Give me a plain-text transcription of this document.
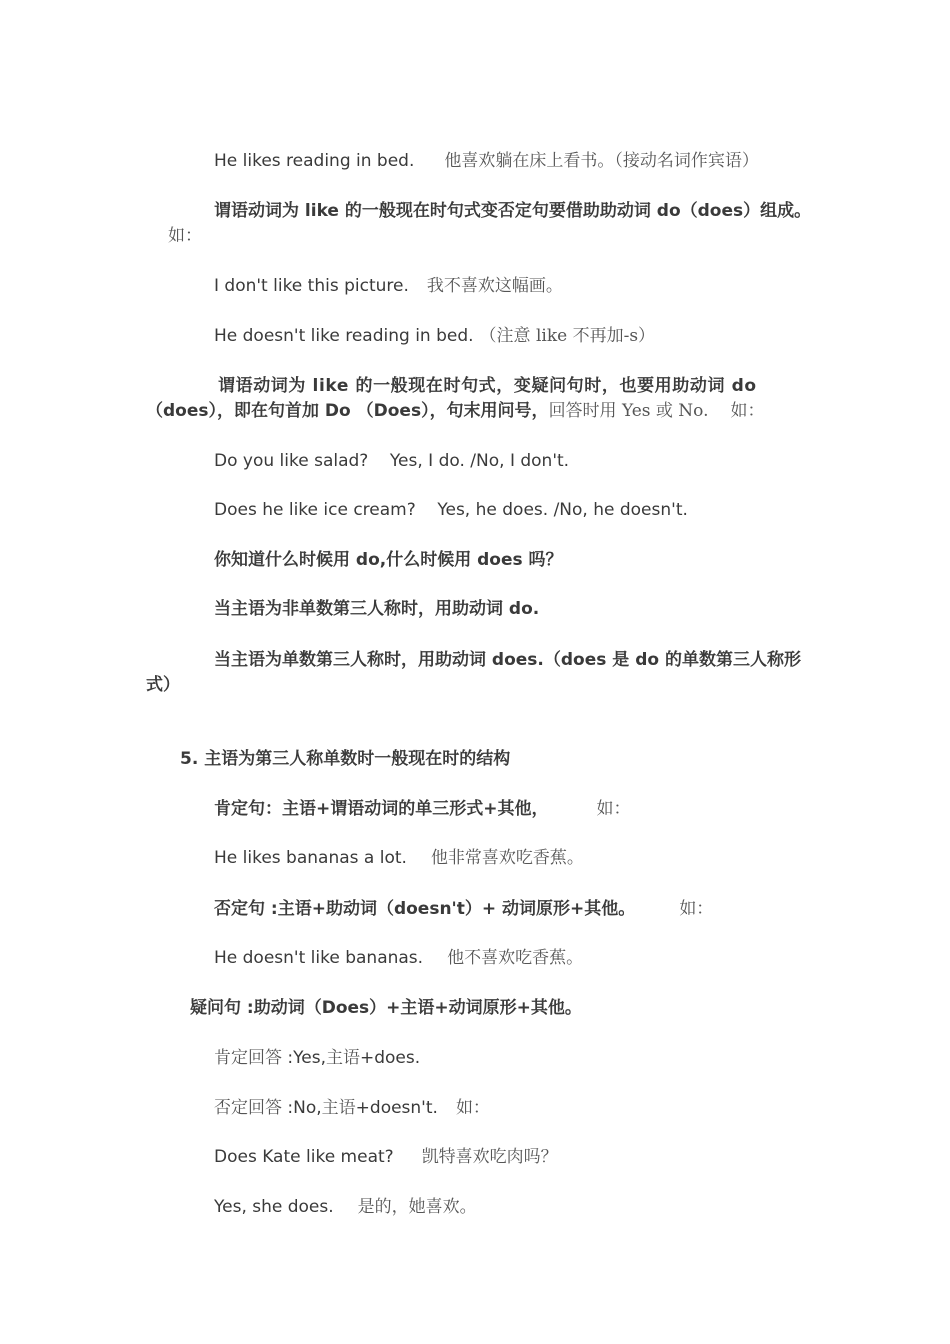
He likes reading in bed. 他喜欢躺在床上看书。（接动名词作宾语）
谓语动词为 like 的一般现在时句式变否定句要借助助动词 do（does）组成。
如：
I don't like this picture. 我不喜欢这幅画。
He doesn't like reading in bed. （注意 like 不再加-s）
谓语动词为 like 的一般现在时句式，变疑问句时，也要用助动词 do
（does），即在句首加 Do （Does），句末用问号，回答时用 Yes 或 No. 如：
Do you like salad?    Yes, I do. /No, I don't.
Does he like ice cream?    Yes, he does. /No, he doesn't.
你知道什么时候用 do,什么时候用 does 吗？
当主语为非单数第三人称时，用助动词 do.
当主语为单数第三人称时，用助动词 does.（does 是 do 的单数第三人称形
式）
5. 主语为第三人称单数时一般现在时的结构
肯定句：主语+谓语动词的单三形式+其他，	如：
He likes bananas a lot. 他非常喜欢吃香蕉。
否定句 :主语+助动词（doesn't）+ 动词原形+其他。	如：
He doesn't like bananas. 他不喜欢吃香蕉。
疑问句 :助动词（Does）+主语+动词原形+其他。
肯定回答 :Yes,主语+does.
否定回答 :No,主语+doesn't. 如：
Does Kate like meat? 凯特喜欢吃肉吗？
Yes, she does. 是的，她喜欢。
